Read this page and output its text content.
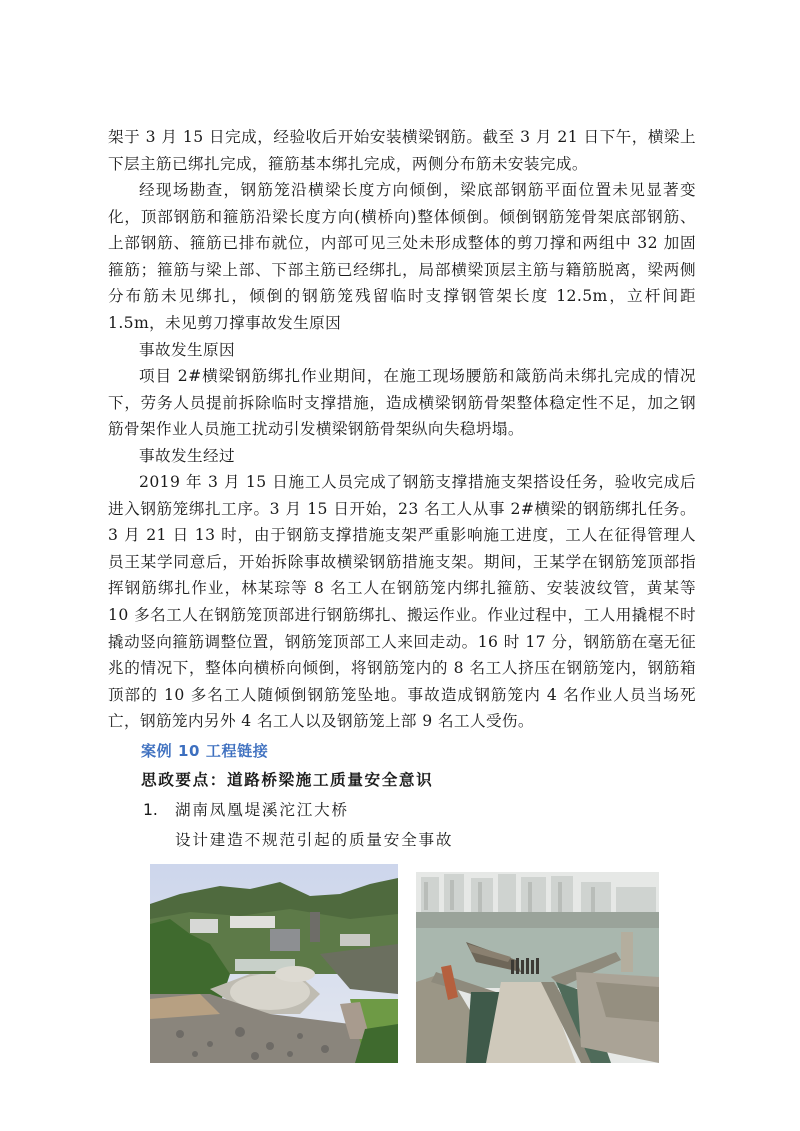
架于 3 月 15 日完成，经验收后开始安装横梁钢筋。截至 3 月 21 日下午，横梁上下层主筋已绑扎完成，箍筋基本绑扎完成，两侧分布筋未安装完成。

经现场勘查，钢筋笼沿横梁长度方向倾倒，梁底部钢筋平面位置未见显著变化，顶部钢筋和箍筋沿梁长度方向(横桥向)整体倾倒。倾倒钢筋笼骨架底部钢筋、上部钢筋、箍筋已排布就位，内部可见三处未形成整体的剪刀撑和两组中 32 加固箍筋；箍筋与梁上部、下部主筋已经绑扎，局部横梁顶层主筋与籍筋脱离，梁两侧分布筋未见绑扎，倾倒的钢筋笼残留临时支撑钢管架长度 12.5m，立杆间距 1.5m，未见剪刀撑事故发生原因

事故发生原因

项目 2#横梁钢筋绑扎作业期间，在施工现场腰筋和箴筋尚未绑扎完成的情况下，劳务人员提前拆除临时支撑措施，造成横梁钢筋骨架整体稳定性不足，加之钢筋骨架作业人员施工扰动引发横梁钢筋骨架纵向失稳坍塌。

事故发生经过

2019 年 3 月 15 日施工人员完成了钢筋支撑措施支架搭设任务，验收完成后进入钢筋笼绑扎工序。3 月 15 日开始，23 名工人从事 2#横梁的钢筋绑扎任务。3 月 21 日 13 时，由于钢筋支撑措施支架严重影响施工进度，工人在征得管理人员王某学同意后，开始拆除事故横梁钢筋措施支架。期间，王某学在钢筋笼顶部指挥钢筋绑扎作业，林某琮等 8 名工人在钢筋笼内绑扎箍筋、安装波纹管，黄某等 10 多名工人在钢筋笼顶部进行钢筋绑扎、搬运作业。作业过程中，工人用撬棍不时撬动竖向箍筋调整位置，钢筋笼顶部工人来回走动。16 时 17 分，钢筋筋在毫无征兆的情况下，整体向横桥向倾倒，将钢筋笼内的 8 名工人挤压在钢筋笼内，钢筋箱顶部的 10 多名工人随倾倒钢筋笼坠地。事故造成钢筋笼内 4 名作业人员当场死亡，钢筋笼内另外 4 名工人以及钢筋笼上部 9 名工人受伤。

案例 10 工程链接

思政要点：道路桥梁施工质量安全意识

1. 湖南凤凰堤溪沱江大桥

设计建造不规范引起的质量安全事故
